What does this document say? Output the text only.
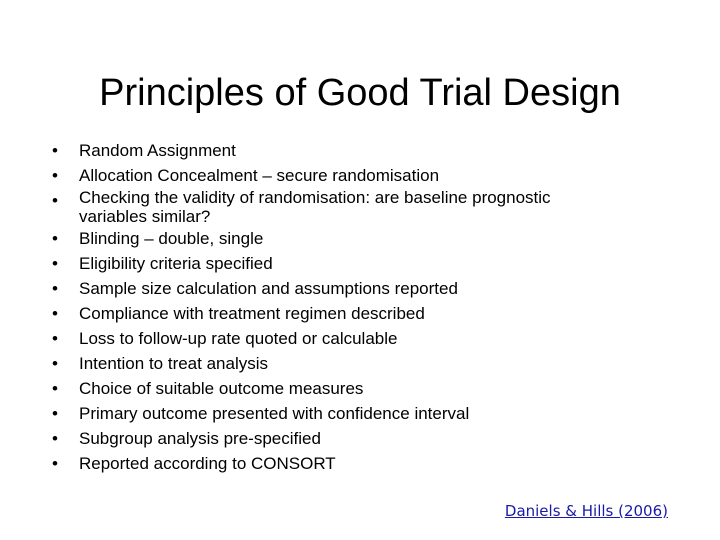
Principles of Good Trial Design
•	Random Assignment
•	Allocation Concealment – secure randomisation
•	Checking the validity of randomisation: are baseline prognostic
variables similar?
•	Blinding – double, single
•	Eligibility criteria specified
•	Sample size calculation and assumptions reported
•	Compliance with treatment regimen described
•	Loss to follow-up rate quoted or calculable
•	Intention to treat analysis
•	Choice of suitable outcome measures
•	Primary outcome presented with confidence interval
•	Subgroup analysis pre-specified
•	Reported according to CONSORT
Daniels & Hills (2006)
